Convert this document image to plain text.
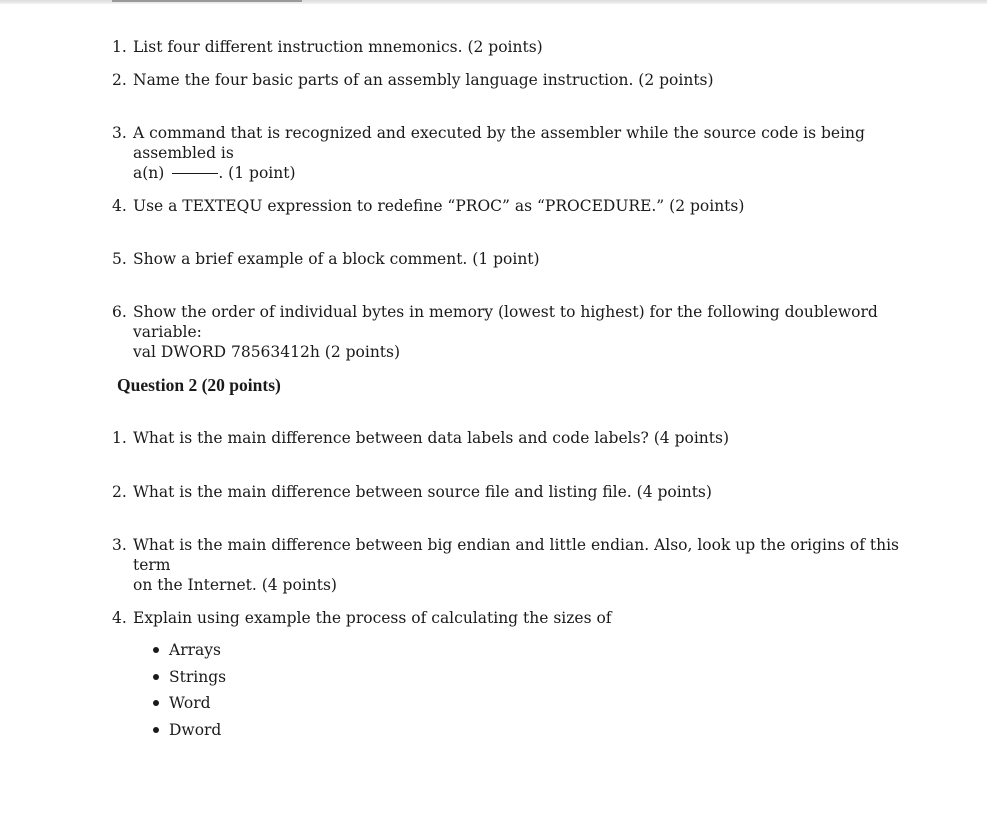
1. List four different instruction mnemonics. (2 points)
2. Name the four basic parts of an assembly language instruction. (2 points)
3. A command that is recognized and executed by the assembler while the source code is being assembled is
a(n)	. (1 point)
4. Use a TEXTEQU expression to redefine “PROC” as “PROCEDURE.” (2 points)
5. Show a brief example of a block comment. (1 point)
6. Show the order of individual bytes in memory (lowest to highest) for the following doubleword variable:
val DWORD 78563412h (2 points)
Question 2 (20 points)
1. What is the main difference between data labels and code labels? (4 points)
2. What is the main difference between source file and listing file. (4 points)
3. What is the main difference between big endian and little endian. Also, look up the origins of this term
on the Internet. (4 points)
4. Explain using example the process of calculating the sizes of
Arrays
Strings
Word
Dword
